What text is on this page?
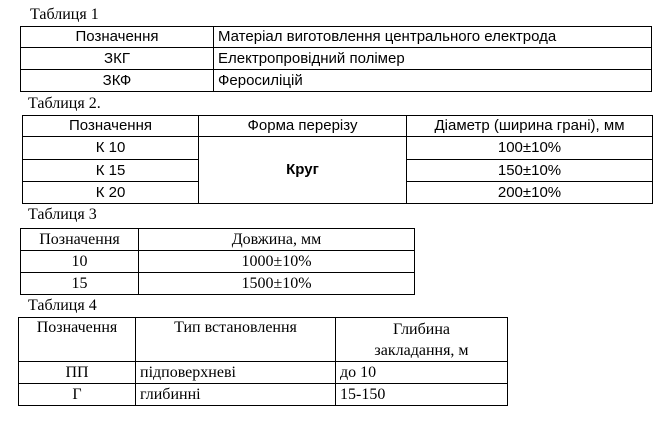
Таблиця 1
Позначення	Матеріал виготовлення центрального електрода
ЗКГ	Електропровідний полімер
ЗКФ	Феросиліцій
Таблиця 2.
Позначення	Форма перерізу	Діаметр (ширина грані), мм
К 10	Круг	100±10%
К 15		150±10%
К 20		200±10%
Таблиця 3
Позначення	Довжина, мм
10	1000±10%
15	1500±10%
Таблиця 4
Позначення	Тип встановлення	Глибина
закладання, м

ПП	підповерхневі	до 10
Г	глибинні	15-150
